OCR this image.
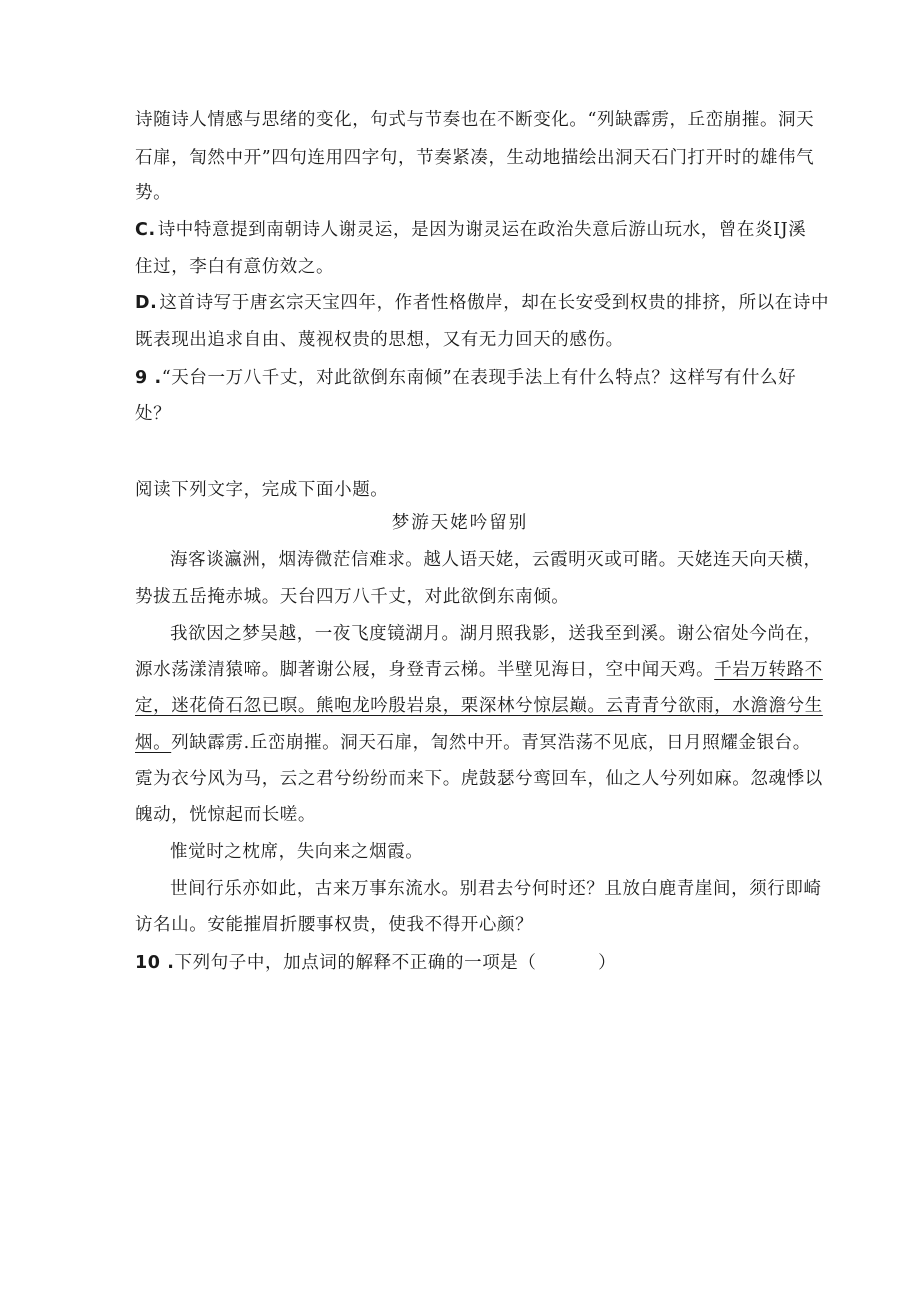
诗随诗人情感与思绪的变化，句式与节奏也在不断变化。“列缺霹雳，丘峦崩摧。洞天
石扉，訇然中开”四句连用四字句，节奏紧凑，生动地描绘出洞天石门打开时的雄伟气
势。
C. 诗中特意提到南朝诗人谢灵运，是因为谢灵运在政治失意后游山玩水，曾在炎IJ溪
住过，李白有意仿效之。
D. 这首诗写于唐玄宗天宝四年，作者性格傲岸，却在长安受到权贵的排挤，所以在诗中
既表现出追求自由、蔑视权贵的思想，又有无力回天的感伤。
9 .“天台一万八千丈，对此欲倒东南倾”在表现手法上有什么特点？这样写有什么好
处？
阅读下列文字，完成下面小题。
梦游天姥吟留别
海客谈瀛洲，烟涛微茫信难求。越人语天姥，云霞明灭或可睹。天姥连天向天横，
势拔五岳掩赤城。天台四万八千丈，对此欲倒东南倾。
我欲因之梦吴越，一夜飞度镜湖月。湖月照我影，送我至到溪。谢公宿处今尚在，
源水荡漾清猿啼。脚著谢公屐，身登青云梯。半壁见海日，空中闻天鸡。千岩万转路不
定，迷花倚石忽已暝。熊咆龙吟殷岩泉，栗深林兮惊层巅。云青青兮欲雨，水澹澹兮生
烟。列缺霹雳.丘峦崩摧。洞天石扉，訇然中开。青冥浩荡不见底，日月照耀金银台。
霓为衣兮风为马，云之君兮纷纷而来下。虎鼓瑟兮鸾回车，仙之人兮列如麻。忽魂悸以
魄动，恍惊起而长嗟。
惟觉时之枕席，失向来之烟霞。
世间行乐亦如此，古来万事东流水。别君去兮何时还？且放白鹿青崖间，须行即崎
访名山。安能摧眉折腰事权贵，使我不得开心颜？
10 .下列句子中，加点词的解释不正确的一项是（          ）
